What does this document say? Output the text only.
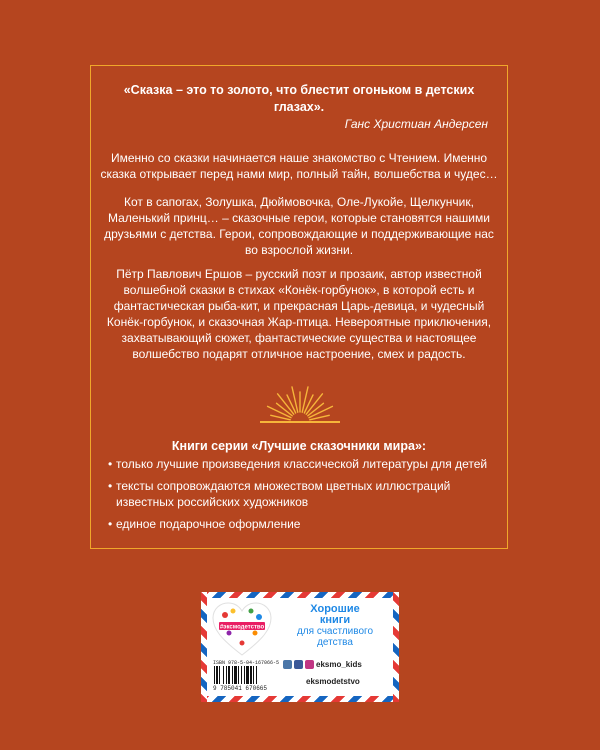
«Сказка – это то золото, что блестит огоньком в детских глазах».
Ганс Христиан Андерсен
Именно со сказки начинается наше знакомство с Чтением. Именно сказка открывает перед нами мир, полный тайн, волшебства и чудес…
Кот в сапогах, Золушка, Дюймовочка, Оле-Лукойе, Щелкунчик, Маленький принц… – сказочные герои, которые становятся нашими друзьями с детства. Герои, сопровождающие и поддерживающие нас во взрослой жизни.
Пётр Павлович Ершов – русский поэт и прозаик, автор известной волшебной сказки в стихах «Конёк-горбунок», в которой есть и фантастическая рыба-кит, и прекрасная Царь-девица, и чудесный Конёк-горбунок, и сказочная Жар-птица. Невероятные приключения, захватывающий сюжет, фантастические существа и настоящее волшебство подарят отличное настроение, смех и радость.
Книги серии «Лучшие сказочники мира»:
• только лучшие произведения классической литературы для детей
• тексты сопровождаются множеством цветных иллюстраций известных российских художников
• единое подарочное оформление
#эксмодетство
Хорошие
книги
для счастливого
детства
ISBN 978-5-04-167066-5
9 785041 670665
eksmo_kids
eksmodetstvo
